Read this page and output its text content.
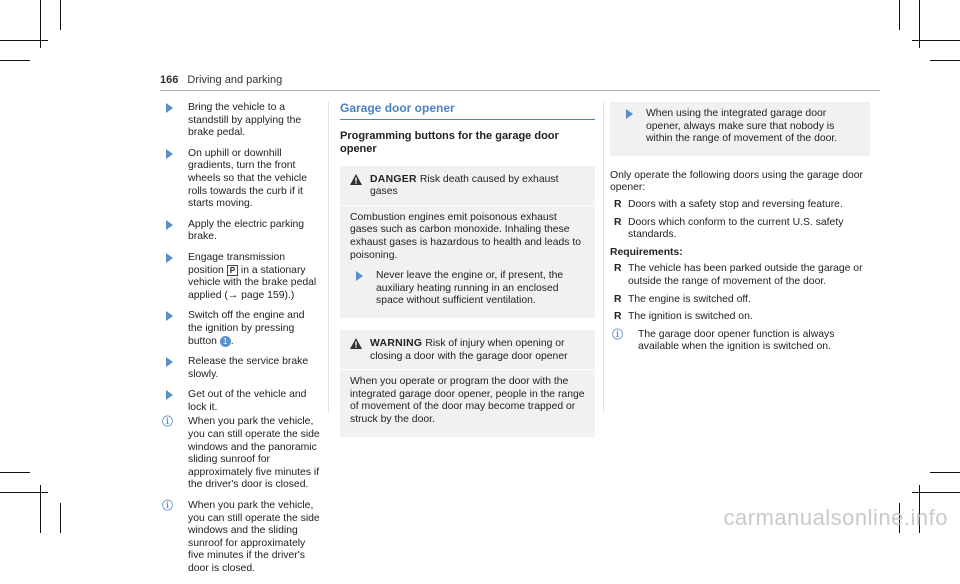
166 Driving and parking
Bring the vehicle to a standstill by applying the brake pedal.
On uphill or downhill gradients, turn the front wheels so that the vehicle rolls towards the curb if it starts moving.
Apply the electric parking brake.
Engage transmission position P in a stationary vehicle with the brake pedal applied (→ page 159).)
Switch off the engine and the ignition by pressing button 1 .
Release the service brake slowly.
Get out of the vehicle and lock it.
ⓘ When you park the vehicle, you can still operate the side windows and the panoramic sliding sunroof for approximately five minutes if the driver's door is closed.
ⓘ When you park the vehicle, you can still operate the side windows and the sliding sunroof for approximately five minutes if the driver's door is closed.
Garage door opener
Programming buttons for the garage door opener
DANGER Risk death caused by exhaust gases
Combustion engines emit poisonous exhaust gases such as carbon monoxide. Inhaling these exhaust gases is hazardous to health and leads to poisoning.
Never leave the engine or, if present, the auxiliary heating running in an enclosed space without sufficient ventilation.
WARNING Risk of injury when opening or closing a door with the garage door opener
When you operate or program the door with the integrated garage door opener, people in the range of movement of the door may become trapped or struck by the door.
When using the integrated garage door opener, always make sure that nobody is within the range of movement of the door.
Only operate the following doors using the garage door opener:
R Doors with a safety stop and reversing feature.
R Doors which conform to the current U.S. safety standards.
Requirements:
R The vehicle has been parked outside the garage or outside the range of movement of the door.
R The engine is switched off.
R The ignition is switched on.
ⓘ The garage door opener function is always available when the ignition is switched on.
carmanualsonline.info
